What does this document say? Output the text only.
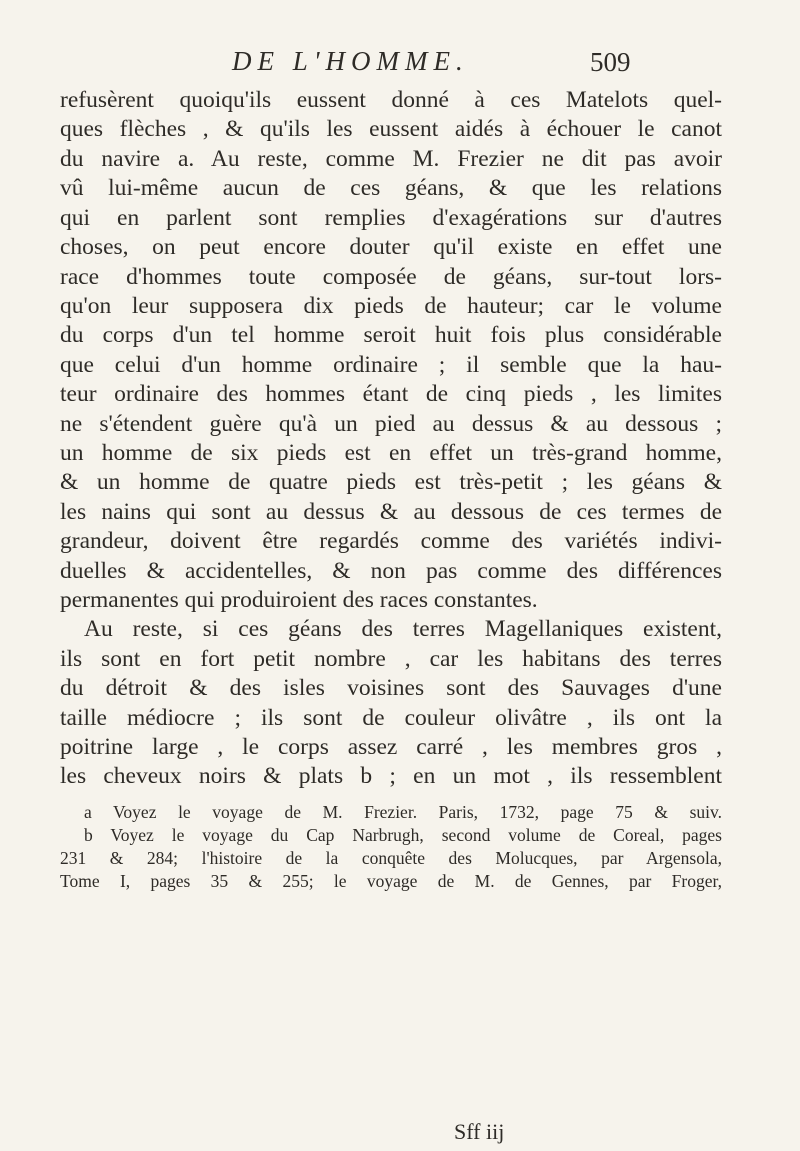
DE L'HOMME.	509
refusèrent quoiqu'ils eussent donné à ces Matelots quel-
ques flèches , & qu'ils les eussent aidés à échouer le canot
du navire a. Au reste, comme M. Frezier ne dit pas avoir
vû lui-même aucun de ces géans, & que les relations
qui en parlent sont remplies d'exagérations sur d'autres
choses, on peut encore douter qu'il existe en effet une
race d'hommes toute composée de géans, sur-tout lors-
qu'on leur supposera dix pieds de hauteur; car le volume
du corps d'un tel homme seroit huit fois plus considérable
que celui d'un homme ordinaire ; il semble que la hau-
teur ordinaire des hommes étant de cinq pieds , les limites
ne s'étendent guère qu'à un pied au dessus & au dessous ;
un homme de six pieds est en effet un très-grand homme,
& un homme de quatre pieds est très-petit ; les géans &
les nains qui sont au dessus & au dessous de ces termes de
grandeur, doivent être regardés comme des variétés indivi-
duelles & accidentelles, & non pas comme des différences
permanentes qui produiroient des races constantes.
Au reste, si ces géans des terres Magellaniques existent,
ils sont en fort petit nombre , car les habitans des terres
du détroit & des isles voisines sont des Sauvages d'une
taille médiocre ; ils sont de couleur olivâtre , ils ont la
poitrine large , le corps assez carré , les membres gros ,
les cheveux noirs & plats b ; en un mot , ils ressemblent
a Voyez le voyage de M. Frezier. Paris, 1732, page 75 & suiv.
b Voyez le voyage du Cap Narbrugh, second volume de Coreal, pages
231 & 284; l'histoire de la conquête des Molucques, par Argensola,
Tome I, pages 35 & 255; le voyage de M. de Gennes, par Froger,
Sff iij
